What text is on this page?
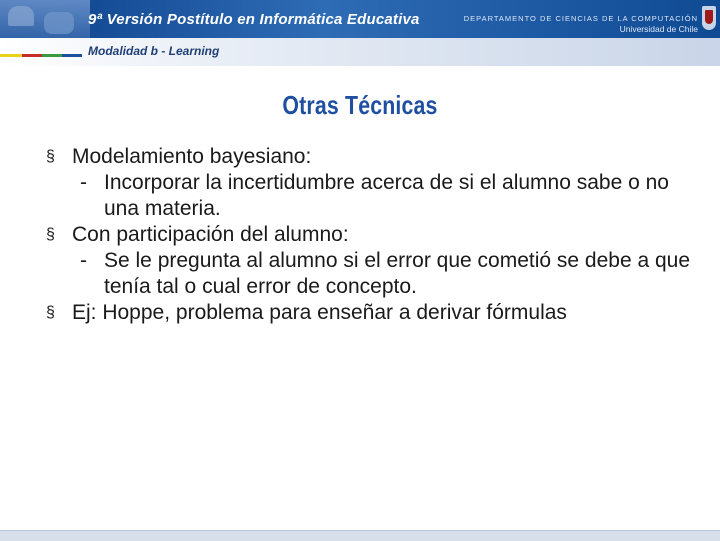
9ª Versión Postítulo en Informática Educativa	DEPARTAMENTO DE CIENCIAS DE LA COMPUTACIÓN
Universidad de Chile
Modalidad b - Learning
Otras Técnicas
§ Modelamiento bayesiano:
- Incorporar la incertidumbre acerca de si el alumno sabe o no una materia.
§ Con participación del alumno:
- Se le pregunta al alumno si el error que cometió se debe a que tenía tal o cual error de concepto.
§ Ej: Hoppe, problema para enseñar a derivar fórmulas
